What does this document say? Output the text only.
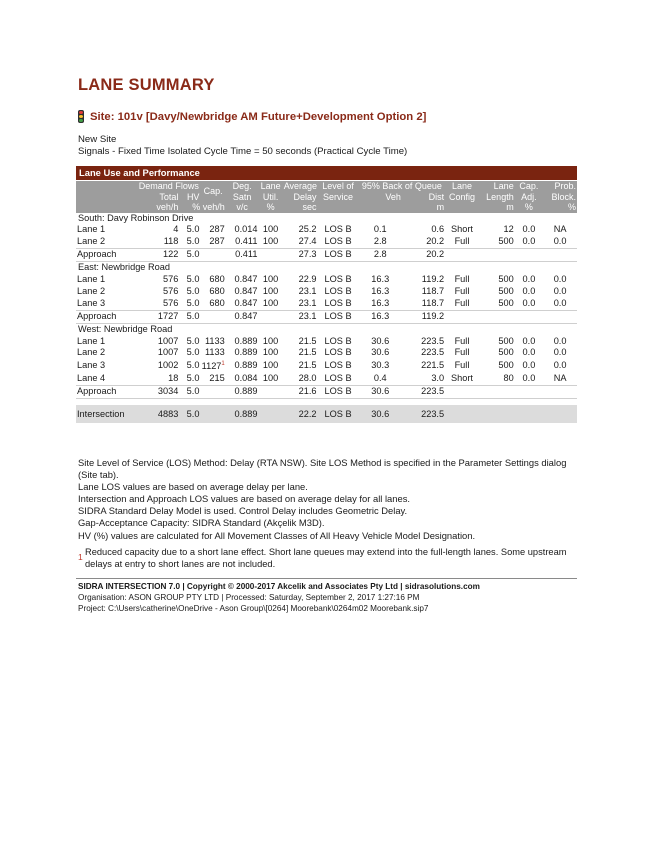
LANE SUMMARY
Site: 101v [Davy/Newbridge AM Future+Development Option 2]
New Site
Signals - Fixed Time Isolated Cycle Time = 50 seconds (Practical Cycle Time)
Lane Use and Performance
	Demand Flows		Cap.	Deg.	Lane	Average	Level of	95% Back of Queue		Lane	Lane	Cap.	Prob.
	Total	HV		Satn	Util.	Delay	Service	Veh	Dist	Config	Length	Adj.	Block.
	veh/h	% veh/h		v/c	%	sec			m		m	%	%
South: Davy Robinson Drive													
Lane 1	4	5.0	287	0.014	100	25.2	LOS B	0.1	0.6	Short	12	0.0	NA
Lane 2	118	5.0	287	0.411	100	27.4	LOS B	2.8	20.2	Full	500	0.0	0.0
Approach	122	5.0		0.411		27.3	LOS B	2.8	20.2				
East: Newbridge Road													
Lane 1	576	5.0	680	0.847	100	22.9	LOS B	16.3	119.2	Full	500	0.0	0.0
Lane 2	576	5.0	680	0.847	100	23.1	LOS B	16.3	118.7	Full	500	0.0	0.0
Lane 3	576	5.0	680	0.847	100	23.1	LOS B	16.3	118.7	Full	500	0.0	0.0
Approach	1727	5.0		0.847		23.1	LOS B	16.3	119.2				
West: Newbridge Road													
Lane 1	1007	5.0	1133	0.889	100	21.5	LOS B	30.6	223.5	Full	500	0.0	0.0
Lane 2	1007	5.0	1133	0.889	100	21.5	LOS B	30.6	223.5	Full	500	0.0	0.0
Lane 3	1002	5.0	1127$^1$	0.889	100	21.5	LOS B	30.3	221.5	Full	500	0.0	0.0
Lane 4	18	5.0	215	0.084	100	28.0	LOS B	0.4	3.0	Short	80	0.0	NA
Approach	3034	5.0		0.889		21.6	LOS B	30.6	223.5				

Intersection	4883	5.0		0.889		22.2	LOS B	30.6	223.5				

Site Level of Service (LOS) Method: Delay (RTA NSW). Site LOS Method is specified in the Parameter Settings dialog (Site tab).

Lane LOS values are based on average delay per lane.

Intersection and Approach LOS values are based on average delay for all lanes.

SIDRA Standard Delay Model is used. Control Delay includes Geometric Delay.

Gap-Acceptance Capacity: SIDRA Standard (Akçelik M3D).

HV (%) values are calculated for All Movement Classes of All Heavy Vehicle Model Designation.

1 Reduced capacity due to a short lane effect. Short lane queues may extend into the full-length lanes. Some upstream delays at entry to short lanes are not included.
SIDRA INTERSECTION 7.0 | Copyright © 2000-2017 Akcelik and Associates Pty Ltd | sidrasolutions.com
Organisation: ASON GROUP PTY LTD | Processed: Saturday, September 2, 2017 1:27:16 PM
Project: C:\Users\catherine\OneDrive - Ason Group\[0264] Moorebank\0264m02 Moorebank.sip7
